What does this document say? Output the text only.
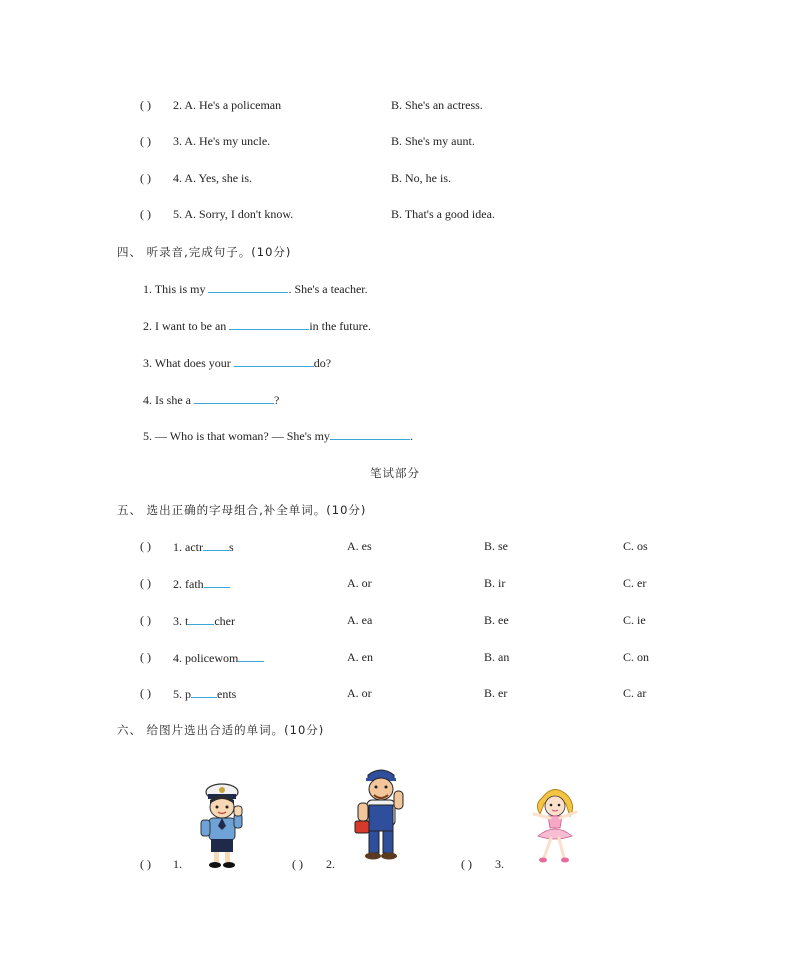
( ) 2. A. He's a policeman	B. She's an actress.
( ) 3. A. He's my uncle.	B. She's my aunt.
( ) 4. A. Yes, she is.	B. No, he is.
( ) 5. A. Sorry, I don't know.	B. That's a good idea.
四、 听录音,完成句子。(10分)
1. This is my	. She's a teacher.
2. I want to be an	in the future.
3. What does your	do?
4. Is she a	?
5. — Who is that woman? — She's my	.
笔试部分
五、 选出正确的字母组合,补全单词。(10分)
( ) 1. actr s	A. es	B. se	C. os
( ) 2. fath	A. or	B. ir	C. er
( ) 3. t cher	A. ea	B. ee	C. ie
( ) 4. policewom	A. en	B. an	C. on
( ) 5. p ents	A. or	B. er	C. ar
六、 给图片选出合适的单词。(10分)
( ) 1.	( ) 2.	( ) 3.
